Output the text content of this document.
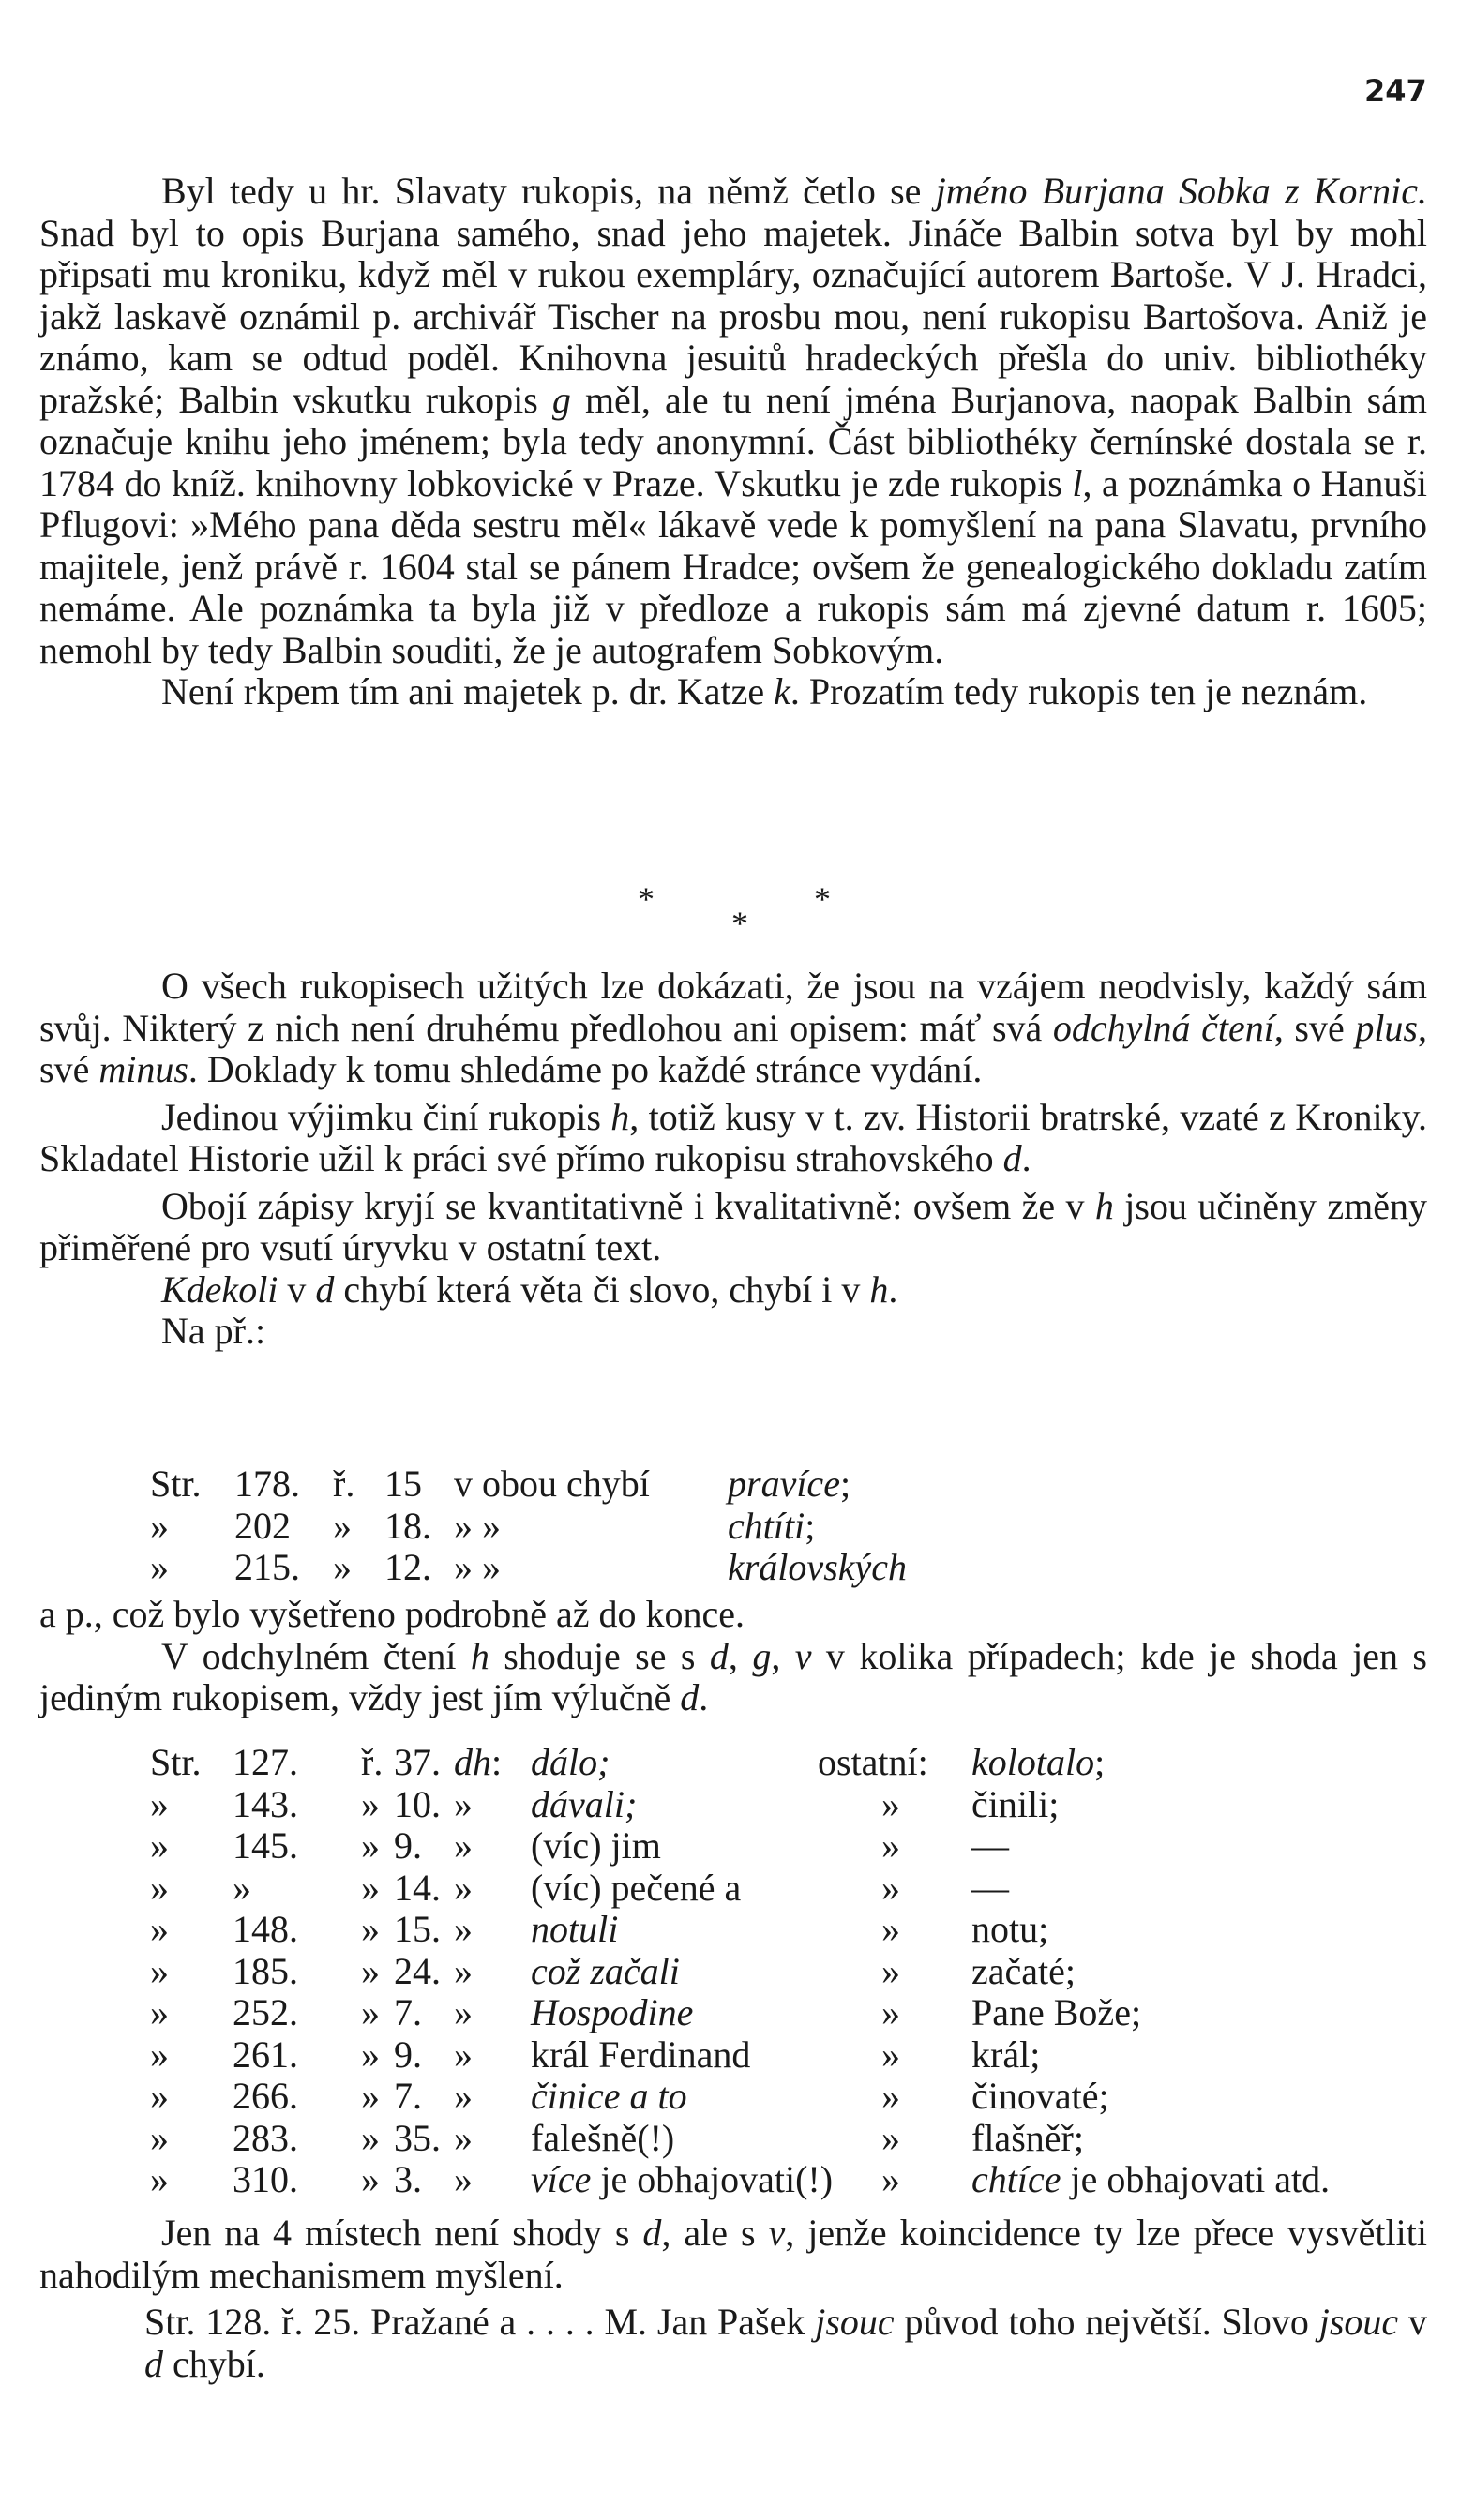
247

Byl tedy u hr. Slavaty rukopis, na němž četlo se jméno Burjana Sobka z Kornic. Snad byl to opis Burjana samého, snad jeho majetek. Jináče Balbin sotva byl by mohl připsati mu kroniku, když měl v rukou exempláry, označující autorem Bartoše. V J. Hradci, jakž laskavě oznámil p. archivář Tischer na prosbu mou, není rukopisu Bartošova. Aniž je známo, kam se odtud poděl. Knihovna jesuitů hradeckých přešla do univ. bibliothéky pražské; Balbin vskutku rukopis g měl, ale tu není jména Burjanova, naopak Balbin sám označuje knihu jeho jménem; byla tedy anonymní. Část bibliothéky černínské dostala se r. 1784 do kníž. knihovny lobkovické v Praze. Vskutku je zde rukopis l, a poznámka o Hanuši Pflugovi: »Mého pana děda sestru měl« lákavě vede k pomyšlení na pana Slavatu, prvního majitele, jenž právě r. 1604 stal se pánem Hradce; ovšem že genealogického dokladu zatím nemáme. Ale poznámka ta byla již v předloze a rukopis sám má zjevné datum r. 1605; nemohl by tedy Balbin souditi, že je autografem Sobkovým.

Není rkpem tím ani majetek p. dr. Katze k. Prozatím tedy rukopis ten je neznám.

*	*
*

O všech rukopisech užitých lze dokázati, že jsou na vzájem neodvisly, každý sám svůj. Nikterý z nich není druhému předlohou ani opisem: máť svá odchylná čtení, své plus, své minus. Doklady k tomu shledáme po každé stránce vydání.

Jedinou výjimku činí rukopis h, totiž kusy v t. zv. Historii bratrské, vzaté z Kroniky. Skladatel Historie užil k práci své přímo rukopisu strahovského d.

Obojí zápisy kryjí se kvantitativně i kvalitativně: ovšem že v h jsou učiněny změny přiměřené pro vsutí úryvku v ostatní text.

Kdekoli v d chybí která věta či slovo, chybí i v h.

Na př.:

Str. 178. ř. 15 v obou chybí pravíce;
» 202 » 18. » »	chtíti;
» 215. » 12. » »	královských

a p., což bylo vyšetřeno podrobně až do konce.

V odchylném čtení h shoduje se s d, g, v v kolika případech; kde je shoda jen s jediným rukopisem, vždy jest jím výlučně d.

Str. 127. ř. 37. dh: dálo;	ostatní: kolotalo;
» 143. » 10. » dávali;	» činili;
» 145. » 9. » (víc) jim	» —
» »	» 14. » (víc) pečené a	» —
» 148. » 15. » notuli	» notu;
» 185. » 24. » což začali	» začaté;
» 252. » 7. » Hospodine	» Pane Bože;
» 261. » 9. » král Ferdinand	» král;
» 266. » 7. » činice a to	» činovaté;
» 283. » 35. » falešně(!)	» flašněř;
» 310. » 3. » více je obhajovati(!) » chtíce je obhajovati atd.

Jen na 4 místech není shody s d, ale s v, jenže koincidence ty lze přece vysvětliti nahodilým mechanismem myšlení.

Str. 128. ř. 25. Pražané a . . . . M. Jan Pašek jsouc původ toho největší. Slovo jsouc v d chybí.
